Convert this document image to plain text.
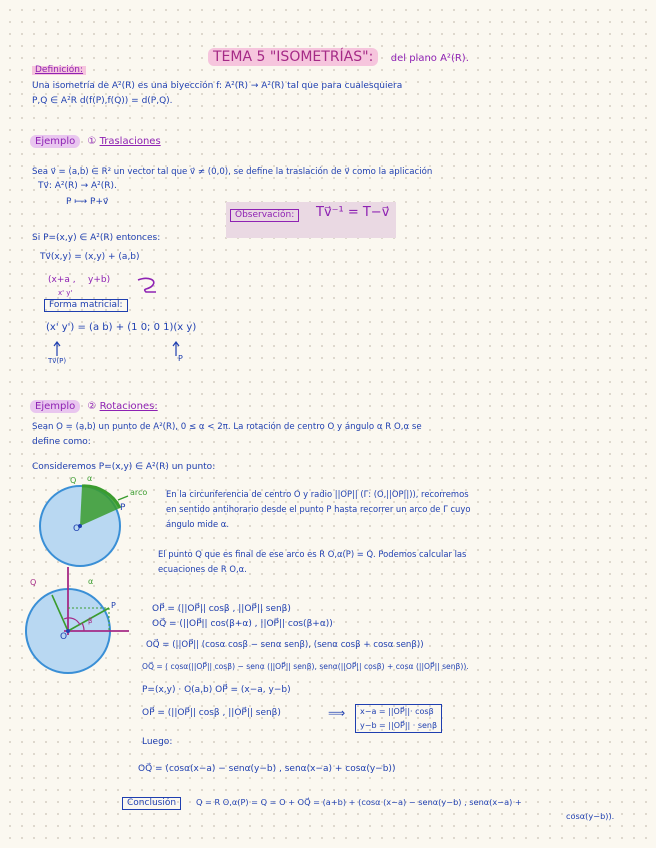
TEMA 5 "ISOMETRÍAS": del plano A²(R).
Definición:
Una isometría de A²(R) es una biyección f: A²(R) → A²(R) tal que para cualesquiera
P,Q ∈ A²R d(f(P),f(Q)) = d(P,Q).
Ejemplo ① Traslaciones
Sea v⃗ = (a,b) ∈ R² un vector tal que v⃗ ≠ (0,0), se define la traslación de v⃗ como la aplicación
Tv⃗: A²(R) → A²(R).
P ⟼ P+v⃗
Observación:	Tv⃗⁻¹ = T−v⃗
Si P=(x,y) ∈ A²(R) entonces:
Tv⃗(x,y) = (x,y) + (a,b)
(x+a , y+b)
x' y'
Forma matricial:
(x' y') = (a b) + (1 0; 0 1)(x y)
Tv⃗(P)	P
Ejemplo ② Rotaciones:
Sean O = (a,b) un punto de A²(R), 0 ≤ α < 2π. La rotación de centro O y ángulo α R O,α se
define como:
Consideremos P=(x,y) ∈ A²(R) un punto:
arco
Q α
P
O
En la circunferencia de centro O y radio ||OP|| (Γ: (O,||OP||)), recorremos
en sentido antihorario desde el punto P hasta recorrer un arco de Γ cuyo
ángulo mide α.
El punto Q que es final de ese arco es R O,α(P) = Q. Podemos calcular las
ecuaciones de R O,α.
Q	α
P
β
O
OP⃗ = (||OP⃗|| cosβ , ||OP⃗|| senβ)
OQ⃗ = (||OP⃗|| cos(β+α) , ||OP⃗|| cos(β+α))
OQ⃗ = (||OP⃗|| (cosα cosβ − senα senβ), (senα cosβ + cosα senβ))
OQ⃗ = ( cosα(||OP⃗|| cosβ) − senα (||OP⃗|| senβ), senα(||OP⃗|| cosβ) + cosα (||OP⃗|| senβ)).
P=(x,y) · O(a,b) OP⃗ = (x−a, y−b)
OP⃗ = (||OP⃗|| cosβ , ||OP⃗|| senβ)	⟹ x−a = ||OP⃗||· cosβ
y−b = ||OP⃗|| · senβ
Luego:
OQ⃗ = (cosα(x−a) − senα(y−b) , senα(x−a) + cosα(y−b))
Conclusión	Q = R O,α(P) = Q = O + OQ⃗ = (a+b) + (cosα (x−a) − senα(y−b) , senα(x−a) +
cosα(y−b)).
